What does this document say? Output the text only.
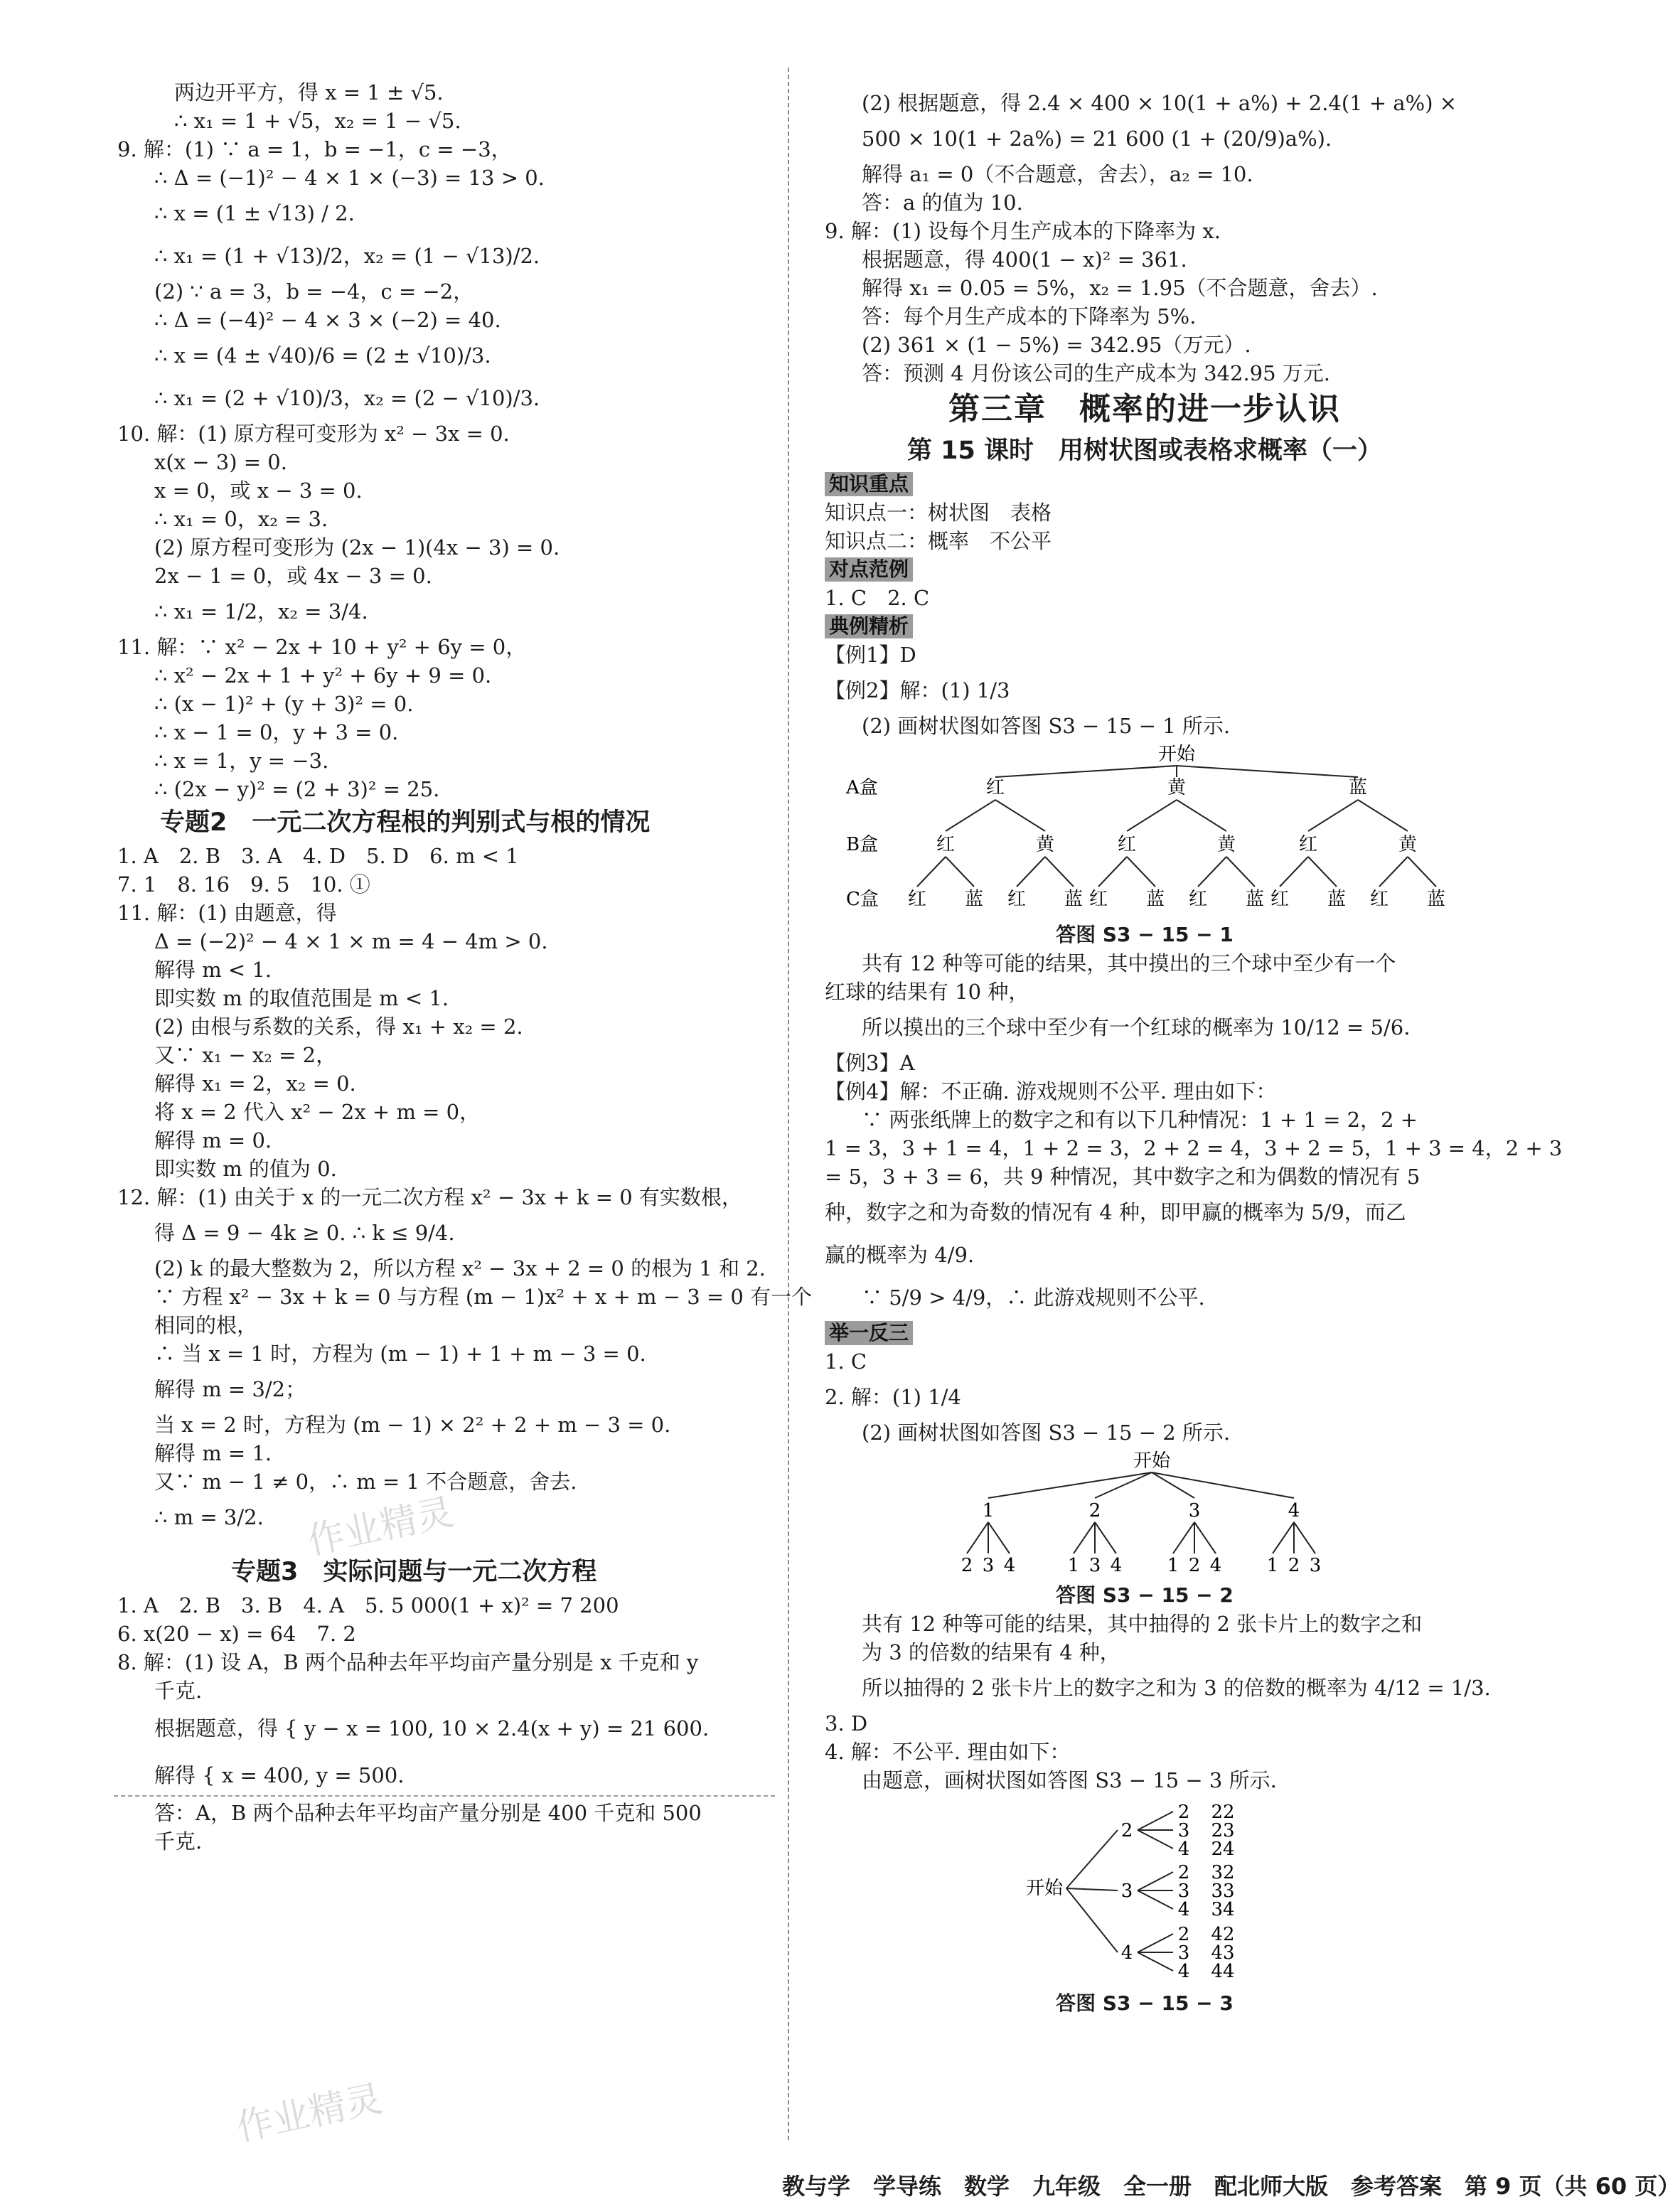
两边开平方，得 x = 1 ± √5.
∴ x₁ = 1 + √5，x₂ = 1 − √5.
9. 解：(1) ∵ a = 1，b = −1，c = −3，
∴ Δ = (−1)² − 4 × 1 × (−3) = 13 > 0.
∴ x = (1 ± √13) / 2.
∴ x₁ = (1 + √13)/2，x₂ = (1 − √13)/2.
(2) ∵ a = 3，b = −4，c = −2，
∴ Δ = (−4)² − 4 × 3 × (−2) = 40.
∴ x = (4 ± √40)/6 = (2 ± √10)/3.
∴ x₁ = (2 + √10)/3，x₂ = (2 − √10)/3.
10. 解：(1) 原方程可变形为 x² − 3x = 0.
x(x − 3) = 0.
x = 0，或 x − 3 = 0.
∴ x₁ = 0，x₂ = 3.
(2) 原方程可变形为 (2x − 1)(4x − 3) = 0.
2x − 1 = 0，或 4x − 3 = 0.
∴ x₁ = 1/2，x₂ = 3/4.
11. 解：∵ x² − 2x + 10 + y² + 6y = 0，
∴ x² − 2x + 1 + y² + 6y + 9 = 0.
∴ (x − 1)² + (y + 3)² = 0.
∴ x − 1 = 0，y + 3 = 0.
∴ x = 1，y = −3.
∴ (2x − y)² = (2 + 3)² = 25.
专题2　一元二次方程根的判别式与根的情况
1. A　2. B　3. A　4. D　5. D　6. m < 1
7. 1　8. 16　9. 5　10. ①
11. 解：(1) 由题意，得
Δ = (−2)² − 4 × 1 × m = 4 − 4m > 0.
解得 m < 1.
即实数 m 的取值范围是 m < 1.
(2) 由根与系数的关系，得 x₁ + x₂ = 2.
又∵ x₁ − x₂ = 2，
解得 x₁ = 2，x₂ = 0.
将 x = 2 代入 x² − 2x + m = 0，
解得 m = 0.
即实数 m 的值为 0.
12. 解：(1) 由关于 x 的一元二次方程 x² − 3x + k = 0 有实数根，
得 Δ = 9 − 4k ≥ 0. ∴ k ≤ 9/4.
(2) k 的最大整数为 2，所以方程 x² − 3x + 2 = 0 的根为 1 和 2.
∵ 方程 x² − 3x + k = 0 与方程 (m − 1)x² + x + m − 3 = 0 有一个
相同的根，
∴ 当 x = 1 时，方程为 (m − 1) + 1 + m − 3 = 0.
解得 m = 3/2；
当 x = 2 时，方程为 (m − 1) × 2² + 2 + m − 3 = 0.
解得 m = 1.
又∵ m − 1 ≠ 0，∴ m = 1 不合题意，舍去.
∴ m = 3/2.
专题3　实际问题与一元二次方程
1. A　2. B　3. B　4. A　5. 5 000(1 + x)² = 7 200
6. x(20 − x) = 64　7. 2
8. 解：(1) 设 A，B 两个品种去年平均亩产量分别是 x 千克和 y
千克.
根据题意，得 { y − x = 100, 10 × 2.4(x + y) = 21 600.
解得 { x = 400, y = 500.
答：A，B 两个品种去年平均亩产量分别是 400 千克和 500
千克.
(2) 根据题意，得 2.4 × 400 × 10(1 + a%) + 2.4(1 + a%) ×
500 × 10(1 + 2a%) = 21 600 (1 + (20/9)a%).
解得 a₁ = 0（不合题意，舍去），a₂ = 10.
答：a 的值为 10.
9. 解：(1) 设每个月生产成本的下降率为 x.
根据题意，得 400(1 − x)² = 361.
解得 x₁ = 0.05 = 5%，x₂ = 1.95（不合题意，舍去）.
答：每个月生产成本的下降率为 5%.
(2) 361 × (1 − 5%) = 342.95（万元）.
答：预测 4 月份该公司的生产成本为 342.95 万元.
第三章　概率的进一步认识
第 15 课时　用树状图或表格求概率（一）
知识重点
知识点一：树状图　表格
知识点二：概率　不公平
对点范例
1. C　2. C
典例精析
【例1】D
【例2】解：(1) 1/3
(2) 画树状图如答图 S3 − 15 − 1 所示.
开始
A盒
B盒
C盒
红
红
红 蓝
黄
红 蓝
黄
红
红 蓝
黄
红 蓝
蓝
红
红 蓝
黄
红 蓝
答图 S3 − 15 − 1
共有 12 种等可能的结果，其中摸出的三个球中至少有一个
红球的结果有 10 种，
所以摸出的三个球中至少有一个红球的概率为 10/12 = 5/6.
【例3】A
【例4】解：不正确. 游戏规则不公平. 理由如下：
∵ 两张纸牌上的数字之和有以下几种情况：1 + 1 = 2，2 +
1 = 3，3 + 1 = 4，1 + 2 = 3，2 + 2 = 4，3 + 2 = 5，1 + 3 = 4，2 + 3
= 5，3 + 3 = 6，共 9 种情况，其中数字之和为偶数的情况有 5
种，数字之和为奇数的情况有 4 种，即甲赢的概率为 5/9，而乙
赢的概率为 4/9.
∵ 5/9 > 4/9，∴ 此游戏规则不公平.
举一反三
1. C
2. 解：(1) 1/4
(2) 画树状图如答图 S3 − 15 − 2 所示.
开始
1
2 3 4
2
1 3 4
3
1 2 4
4
1 2 3
答图 S3 − 15 − 2
共有 12 种等可能的结果，其中抽得的 2 张卡片上的数字之和
为 3 的倍数的结果有 4 种，
所以抽得的 2 张卡片上的数字之和为 3 的倍数的概率为 4/12 = 1/3.
3. D
4. 解：不公平. 理由如下：
由题意，画树状图如答图 S3 − 15 − 3 所示.
开始
2
2 22
3 23
4 24
3
2 32
3 33
4 34
4
2 42
3 43
4 44
答图 S3 − 15 − 3
作业精灵
作业精灵
教与学　学导练　数学　九年级　全一册　配北师大版　参考答案　第 9 页（共 60 页）
